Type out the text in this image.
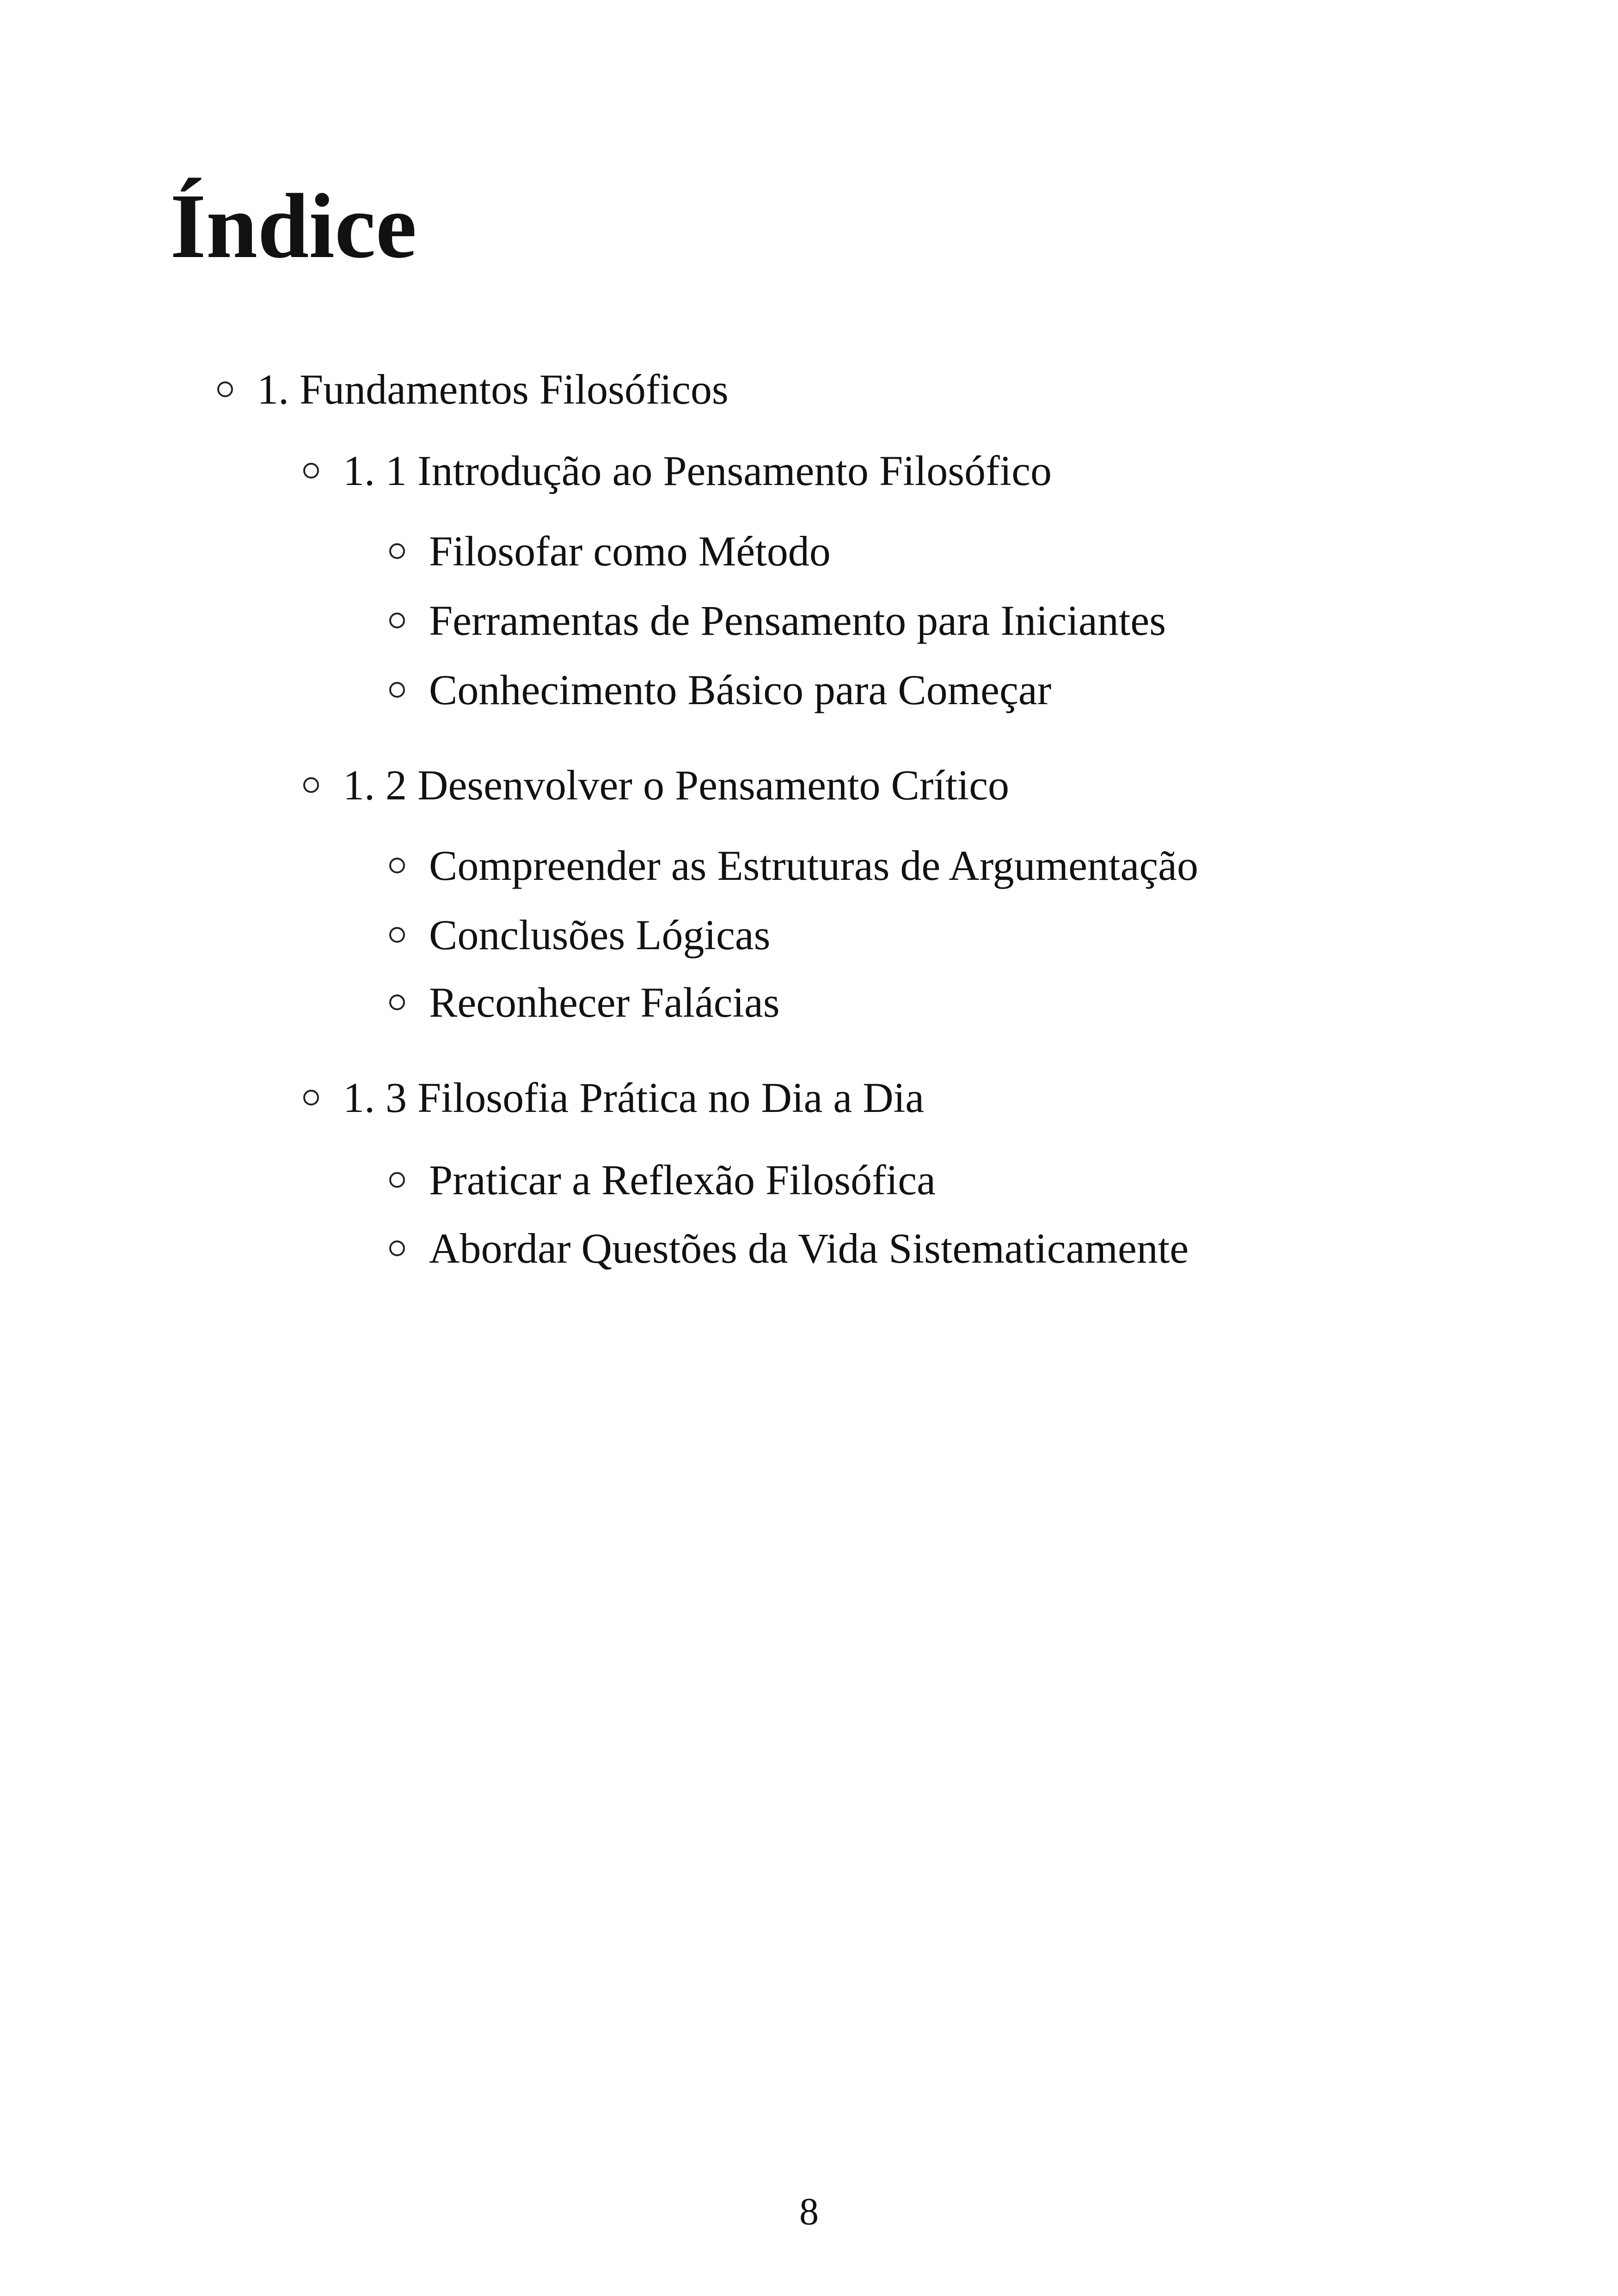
Índice
1. Fundamentos Filosóficos
1. 1 Introdução ao Pensamento Filosófico
Filosofar como Método
Ferramentas de Pensamento para Iniciantes
Conhecimento Básico para Começar
1. 2 Desenvolver o Pensamento Crítico
Compreender as Estruturas de Argumentação
Conclusões Lógicas
Reconhecer Falácias
1. 3 Filosofia Prática no Dia a Dia
Praticar a Reflexão Filosófica
Abordar Questões da Vida Sistematicamente
8
